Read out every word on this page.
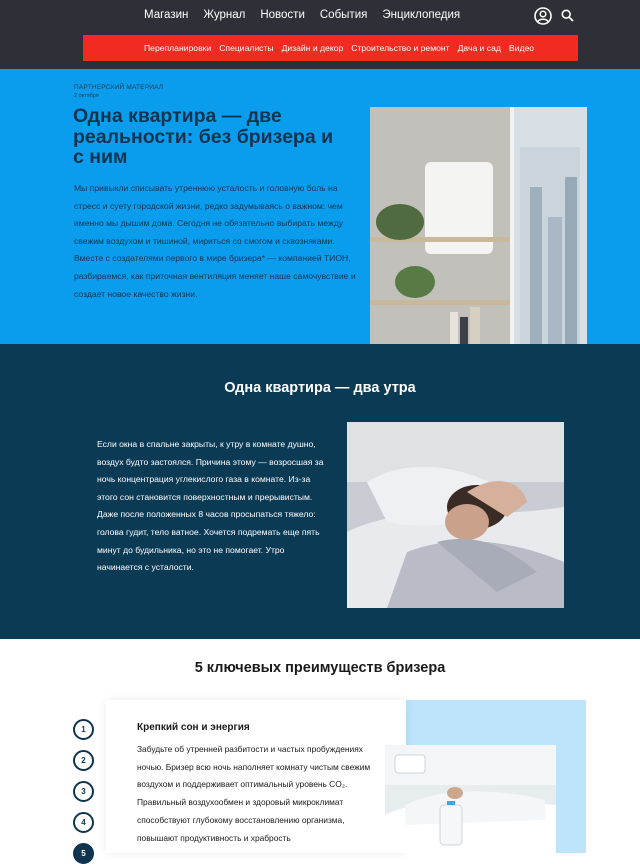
Магазин Журнал Новости События Энциклопедия
Перепланировки Специалисты Дизайн и декор Строительство и ремонт Дача и сад Видео
ПАРТНЕРСКИЙ МАТЕРИАЛ
2 октября
Одна квартира — две реальности: без бризера и с ним

Мы привыкли списывать утреннюю усталость и головную боль на стресс и суету городской жизни, редко задумываясь о важном: чем именно мы дышим дома. Сегодня не обязательно выбирать между свежим воздухом и тишиной, мириться со смогом и сквозняками. Вместе с создателями первого в мире бризера* — компанией ТИОН, разбираемся, как приточная вентиляция меняет наше самочувствие и создает новое качество жизни.

Одна квартира — два утра

Если окна в спальне закрыты, к утру в комнате душно, воздух будто застоялся. Причина этому — возросшая за ночь концентрация углекислого газа в комнате. Из-за этого сон становится поверхностным и прерывистым. Даже после положенных 8 часов просыпаться тяжело: голова гудит, тело ватное. Хочется подремать еще пять минут до будильника, но это не помогает. Утро начинается с усталости.

5 ключевых преимуществ бризера
1
2
3
4
5
Крепкий сон и энергия

Забудьте об утренней разбитости и частых пробуждениях ночью. Бризер всю ночь наполняет комнату чистым свежим воздухом и поддерживает оптимальный уровень CO₂. Правильный воздухообмен и здоровый микроклимат способствуют глубокому восстановлению организма, повышают продуктивность и храбрость
